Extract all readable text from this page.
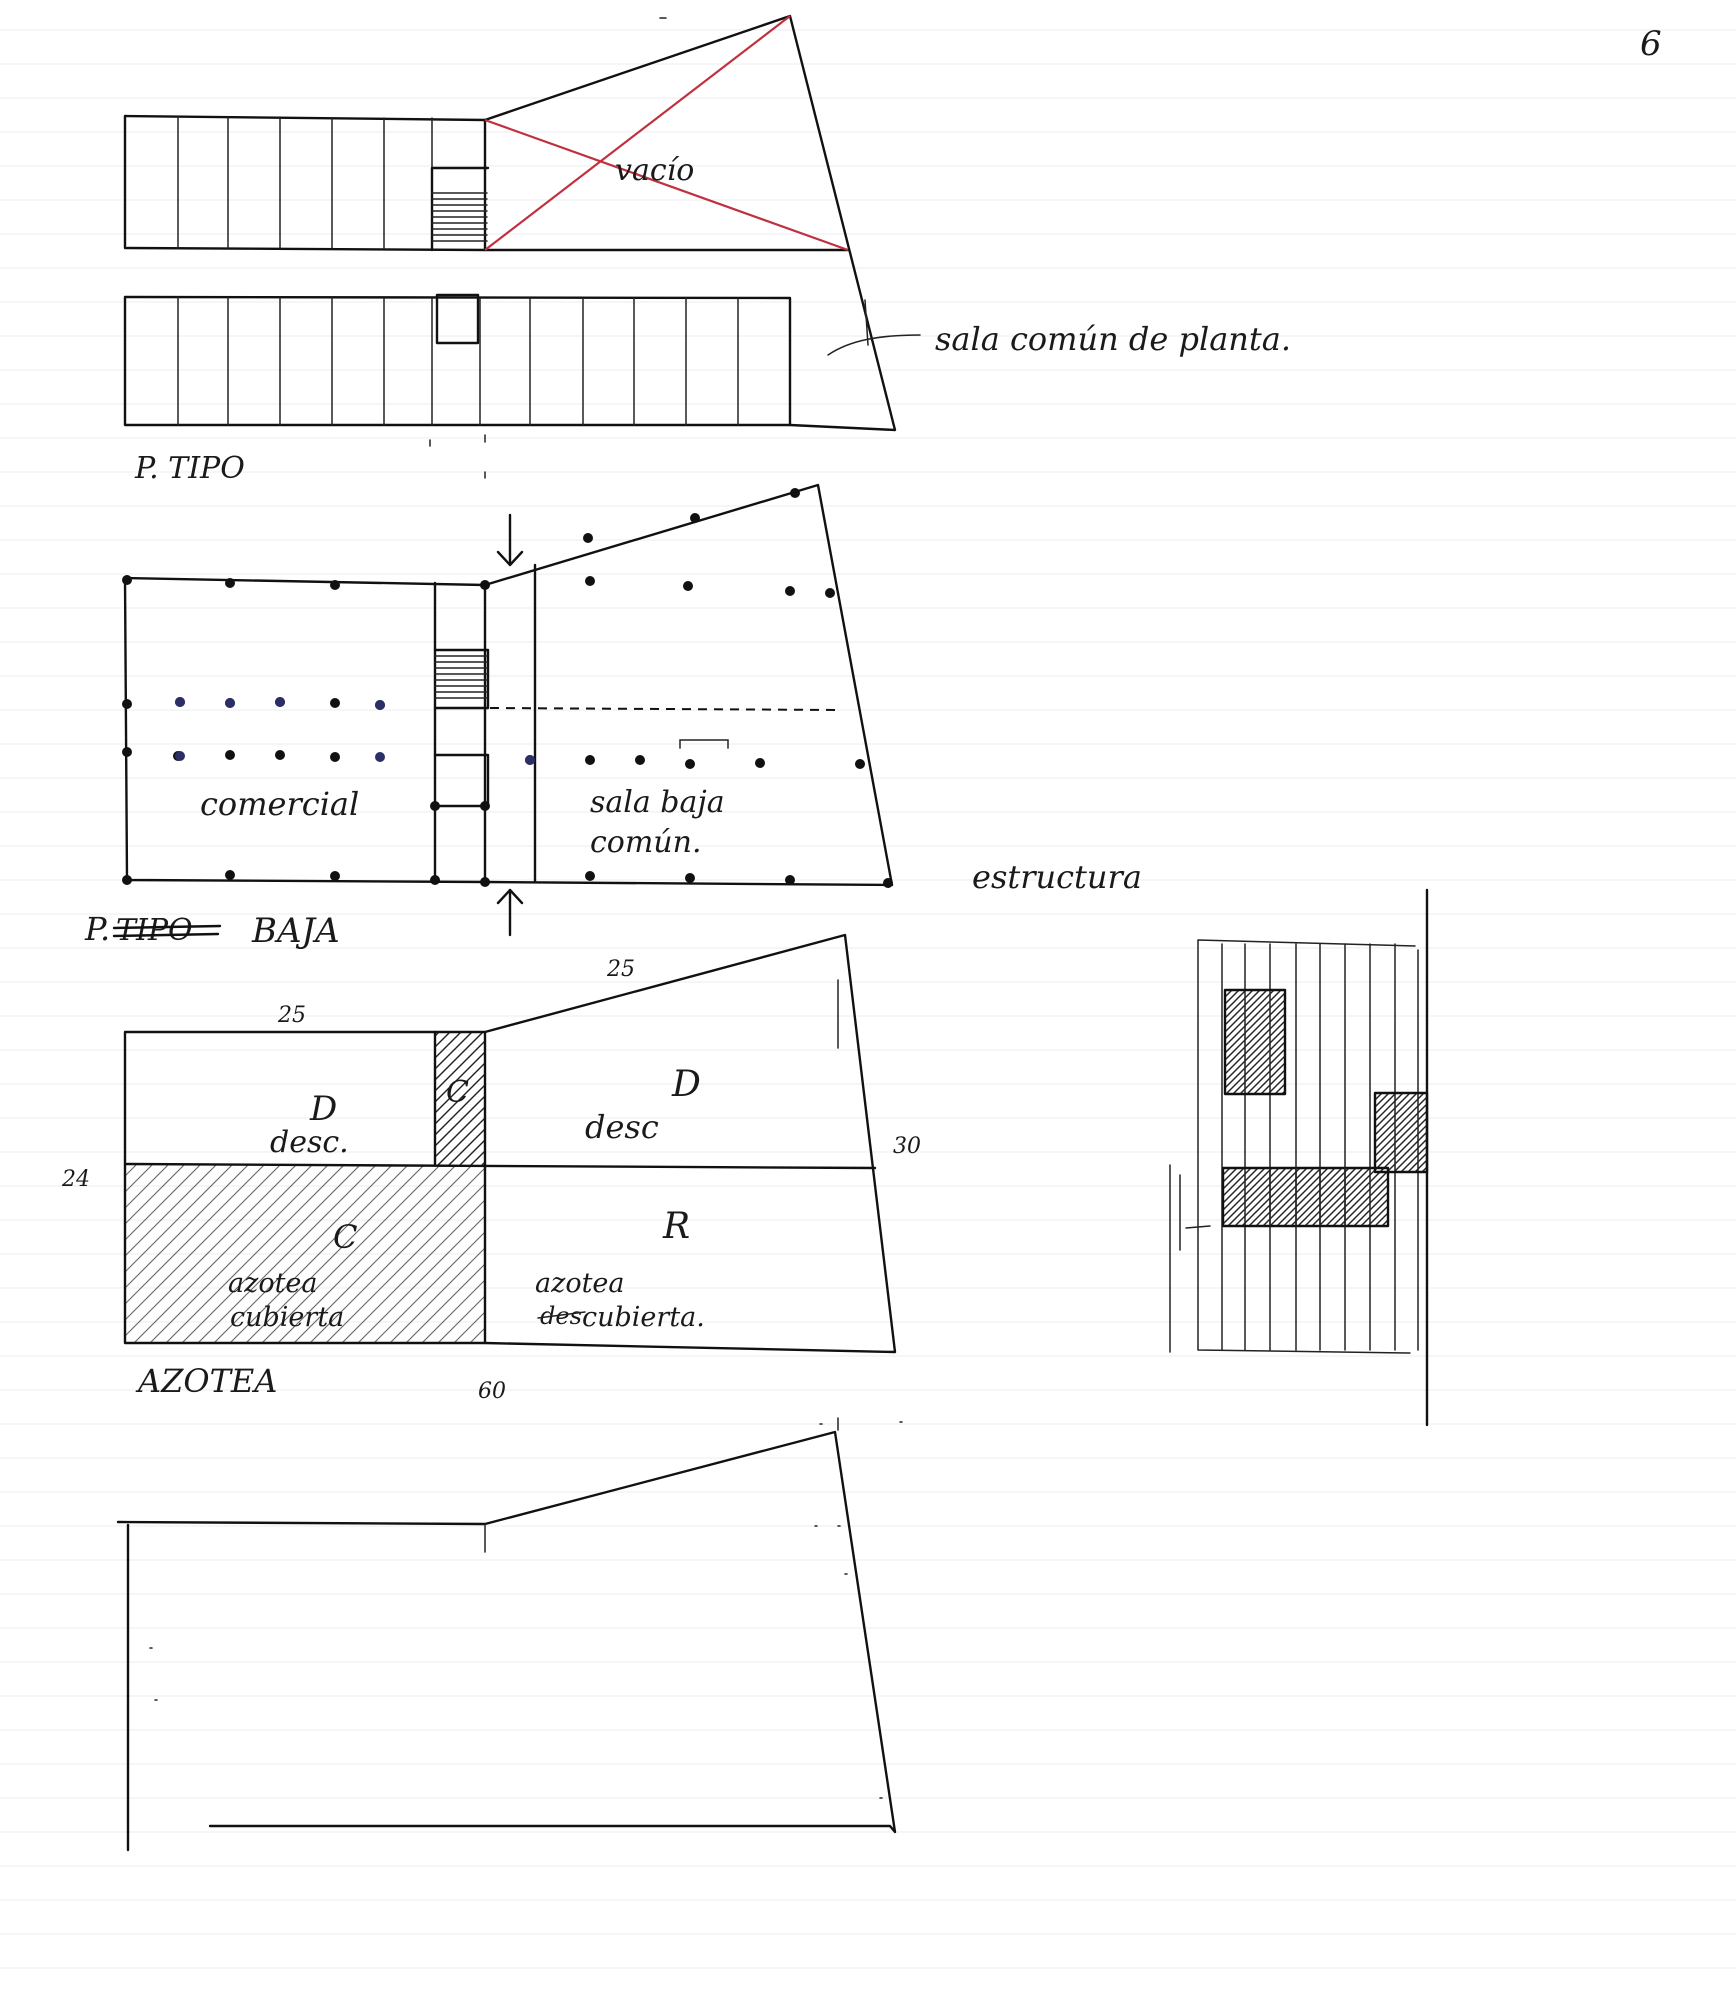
6
vacío
sala común de planta.
P. TIPO
comercial	sala baja
común.
estructura
P. TIPO BAJA
25
25
24
30
60
D
desc.
C	D
desc
C
azotea
cubierta
R
azotea
des cubierta.
AZOTEA
